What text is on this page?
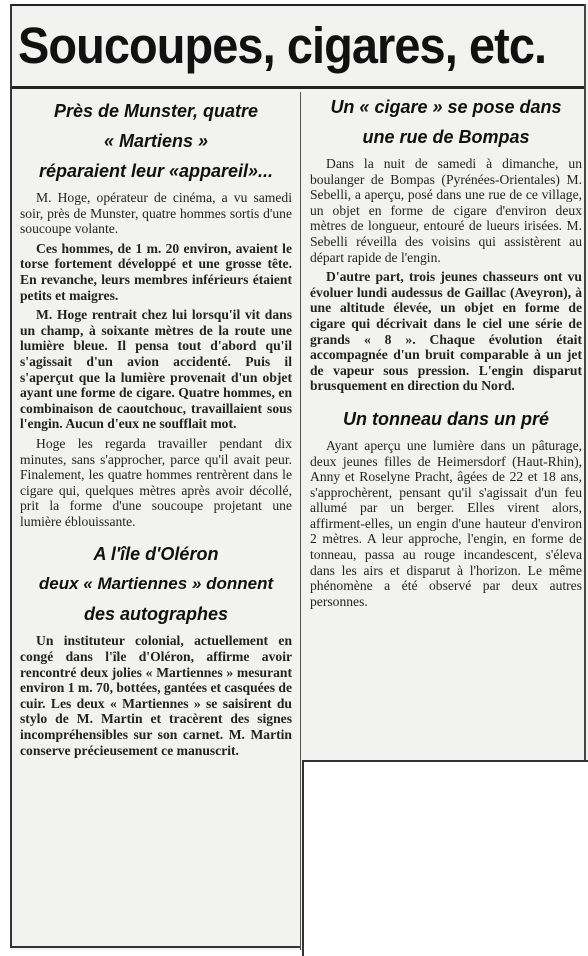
Soucoupes, cigares, etc.
Près de Munster, quatre
« Martiens »
réparaient leur «appareil»...

M. Hoge, opérateur de cinéma, a vu samedi soir, près de Munster, quatre hommes sortis d'une soucoupe volante.

Ces hommes, de 1 m. 20 environ, avaient le torse fortement développé et une grosse tête. En revanche, leurs membres inférieurs étaient petits et maigres.

M. Hoge rentrait chez lui lorsqu'il vit dans un champ, à soixante mètres de la route une lumière bleue. Il pensa tout d'abord qu'il s'agissait d'un avion accidenté. Puis il s'aperçut que la lumière provenait d'un objet ayant une forme de cigare. Quatre hommes, en combinaison de caoutchouc, travaillaient sous l'engin. Aucun d'eux ne soufflait mot.

Hoge les regarda travailler pendant dix minutes, sans s'approcher, parce qu'il avait peur. Finalement, les quatre hommes rentrèrent dans le cigare qui, quelques mètres après avoir décollé, prit la forme d'une soucoupe projetant une lumière éblouissante.

A l'île d'Oléron
deux « Martiennes » donnent
des autographes

Un instituteur colonial, actuellement en congé dans l'île d'Oléron, affirme avoir rencontré deux jolies « Martiennes » mesurant environ 1 m. 70, bottées, gantées et casquées de cuir. Les deux « Martiennes » se saisirent du stylo de M. Martin et tracèrent des signes incompréhensibles sur son carnet. M. Martin conserve précieusement ce manuscrit.

Un « cigare » se pose dans
une rue de Bompas

Dans la nuit de samedi à dimanche, un boulanger de Bompas (Pyrénées-Orientales) M. Sebelli, a aperçu, posé dans une rue de ce village, un objet en forme de cigare d'environ deux mètres de longueur, entouré de lueurs irisées. M. Sebelli réveilla des voisins qui assistèrent au départ rapide de l'engin.

D'autre part, trois jeunes chasseurs ont vu évoluer lundi audessus de Gaillac (Aveyron), à une altitude élevée, un objet en forme de cigare qui décrivait dans le ciel une série de grands « 8 ». Chaque évolution était accompagnée d'un bruit comparable à un jet de vapeur sous pression. L'engin disparut brusquement en direction du Nord.

Un tonneau dans un pré

Ayant aperçu une lumière dans un pâturage, deux jeunes filles de Heimersdorf (Haut-Rhin), Anny et Roselyne Pracht, âgées de 22 et 18 ans, s'approchèrent, pensant qu'il s'agissait d'un feu allumé par un berger. Elles virent alors, affirment-elles, un engin d'une hauteur d'environ 2 mètres. A leur approche, l'engin, en forme de tonneau, passa au rouge incandescent, s'éleva dans les airs et disparut à l'horizon. Le même phénomène a été observé par deux autres personnes.
